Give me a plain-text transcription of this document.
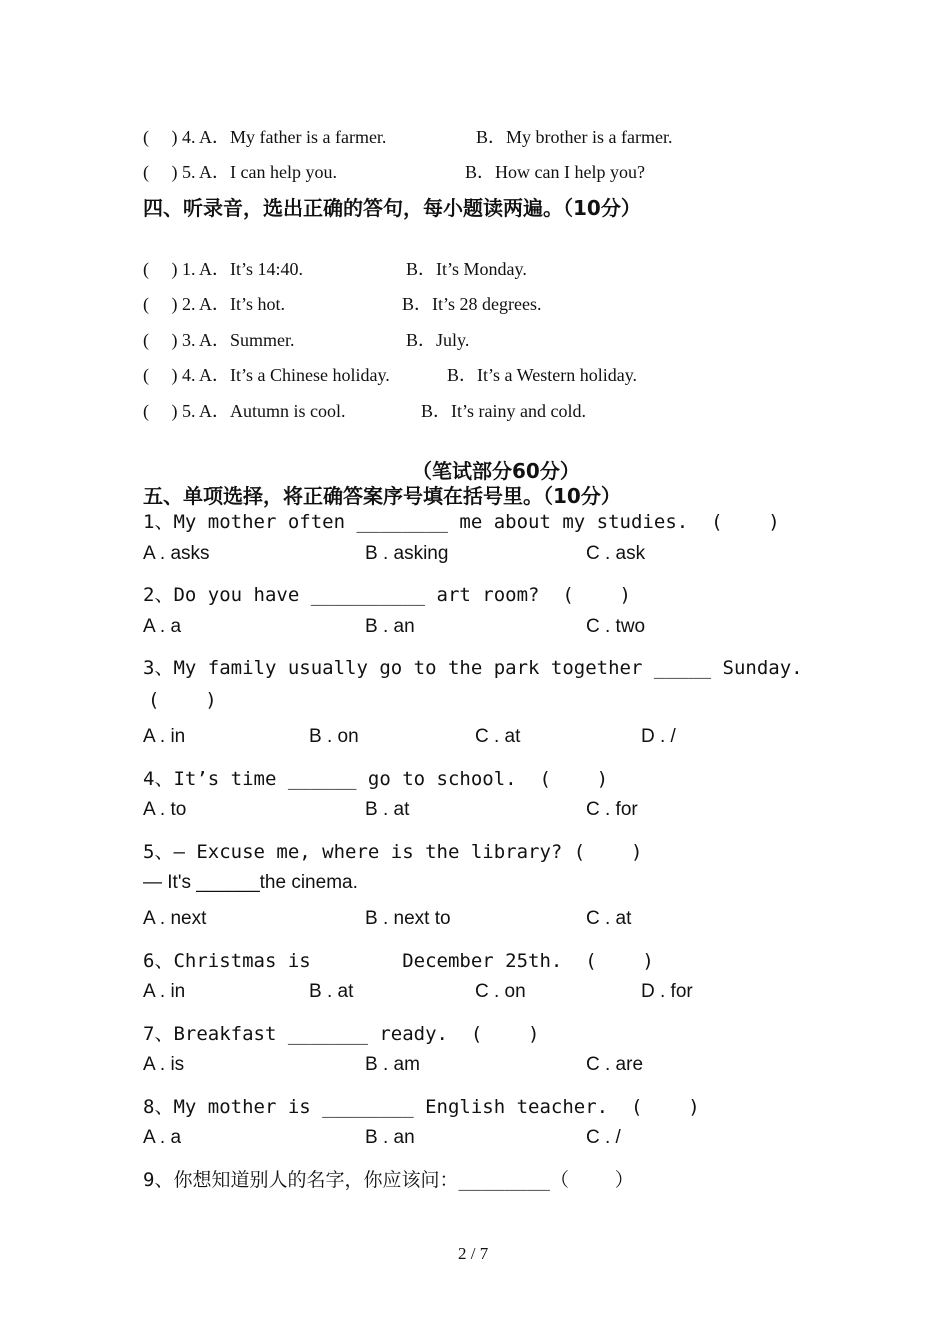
(     ) 4. A．My father is a farmer.	B．My brother is a farmer.
(     ) 5. A．I can help you.	B．How can I help you?
四、听录音，选出正确的答句，每小题读两遍。（10分）
(     ) 1. A．It’s 14:40.	B．It’s Monday.
(     ) 2. A．It’s hot.	B．It’s 28 degrees.
(     ) 3. A．Summer.	B．July.
(     ) 4. A．It’s a Chinese holiday.	B．It’s a Western holiday.
(     ) 5. A．Autumn is cool.	B．It’s rainy and cold.
（笔试部分60分）
五、单项选择，将正确答案序号填在括号里。（10分）
1、My mother often ________ me about my studies.  (    )
A . asks	B . asking	C . ask
2、Do you have __________ art room?  (    )
A . a	B . an	C . two
3、My family usually go to the park together _____ Sunday.
(    )
A . in	B . on	C . at	D . /
4、It’s time ______ go to school.  (    )
A . to	B . at	C . for
5、— Excuse me, where is the library? (    )
— It's ______the cinema.
A . next	B . next to	C . at
6、Christmas is        December 25th.  (    )
A . in	B . at	C . on	D . for
7、Breakfast _______ ready.  (    )
A . is	B . am	C . are
8、My mother is ________ English teacher.  (    )
A . a	B . an	C . /
9、你想知道别人的名字，你应该问：________（    ）
2 / 7
